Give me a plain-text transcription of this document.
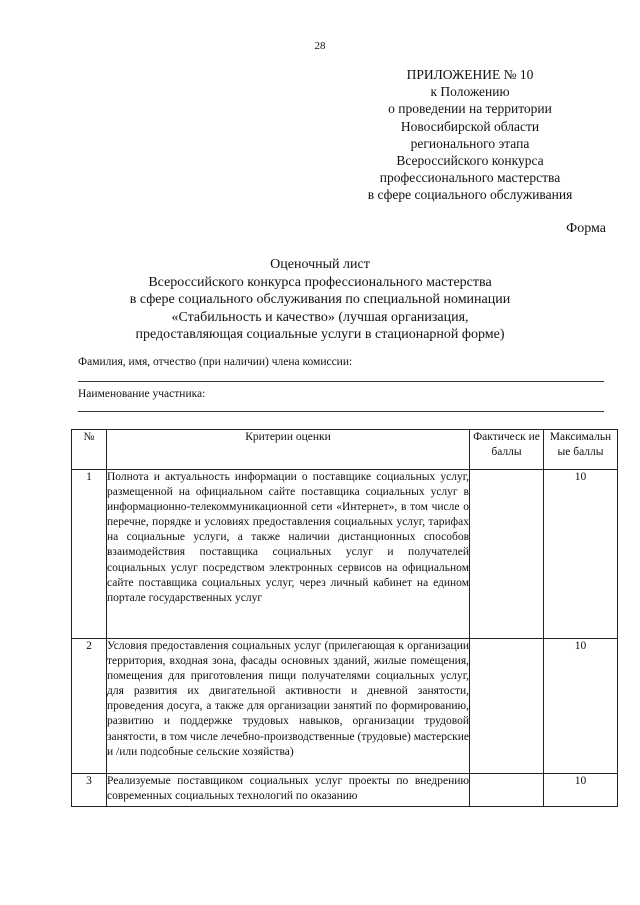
28
ПРИЛОЖЕНИЕ № 10
к Положению
о проведении на территории
Новосибирской области
регионального этапа
Всероссийского конкурса
профессионального мастерства
в сфере социального обслуживания
Форма
Оценочный лист
Всероссийского конкурса профессионального мастерства
в сфере социального обслуживания по специальной номинации
«Стабильность и качество» (лучшая организация,
предоставляющая социальные услуги в стационарной форме)
Фамилия, имя, отчество (при наличии) члена комиссии:
Наименование участника:
№	Критерии оценки	Фактическ ие баллы	Максимальн ые баллы
1	Полнота и актуальность информации о поставщике социальных услуг, размещенной на официальном сайте поставщика социальных услуг в информационно-телекоммуникационной сети «Интернет», в том числе о перечне, порядке и условиях предоставления социальных услуг, тарифах на социальные услуги, а также наличии дистанционных способов взаимодействия поставщика социальных услуг и получателей социальных услуг посредством электронных сервисов на официальном сайте поставщика социальных услуг, через личный кабинет на едином портале государственных услуг		10
2	Условия предоставления социальных услуг (прилегающая к организации территория, входная зона, фасады основных зданий, жилые помещения, помещения для приготовления пищи получателями социальных услуг, для развития их двигательной активности и дневной занятости, проведения досуга, а также для организации занятий по формированию, развитию и поддержке трудовых навыков, организации трудовой занятости, в том числе лечебно-производственные (трудовые) мастерские и /или подсобные сельские хозяйства)		10
3	Реализуемые поставщиком социальных услуг проекты по внедрению современных социальных технологий по оказанию		10
